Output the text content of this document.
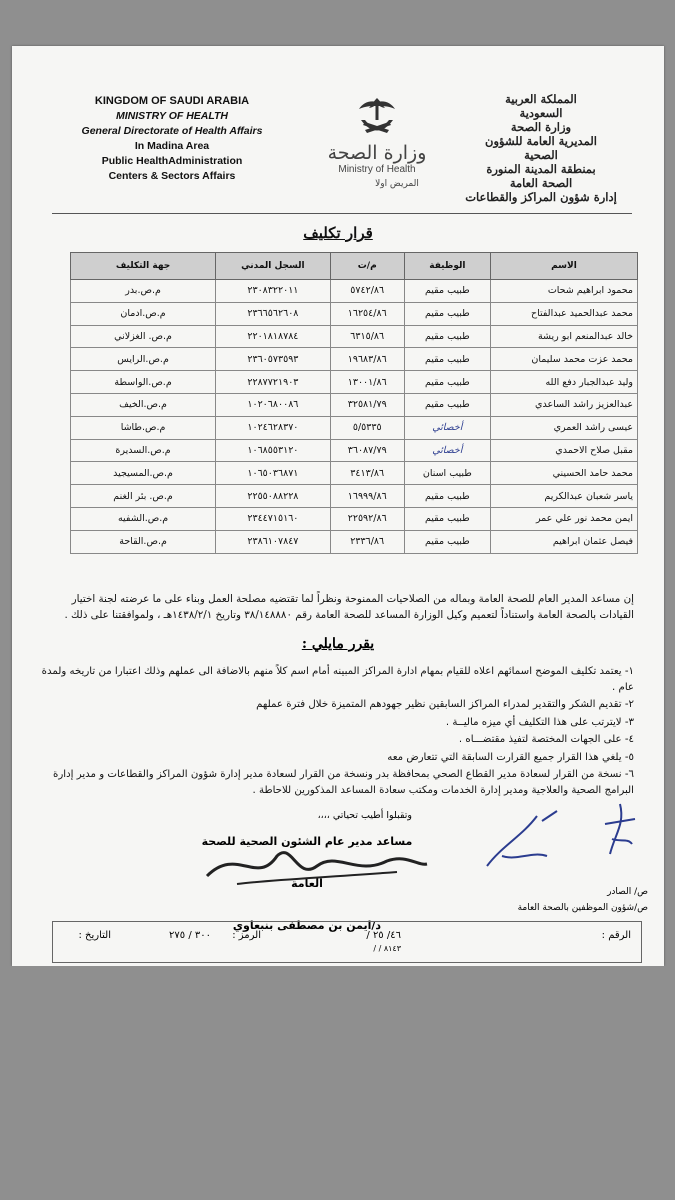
KINGDOM OF SAUDI ARABIA
MINISTRY OF HEALTH
General Directorate of Health Affairs
In Madina Area
Public HealthAdministration
Centers & Sectors Affairs
وزارة الصحة
Ministry of Health
المريض اولا
المملكة العربية
السعودية
وزارة الصحة
المديرية العامة للشؤون
الصحية
بمنطقة المدينة المنورة
الصحة العامة
إدارة شؤون المراكز والقطاعات
قرار تكليف
الاسم	الوظيفة	م/ت	السجل المدني	جهة التكليف
محمود ابراهيم شحات	طبيب مقيم	٥٧٤٢/٨٦	٢٣٠٨٣٢٢٠١١	م.ص.بدر
محمد عبدالحميد عبدالفتاح	طبيب مقيم	١٦٢٥٤/٨٦	٢٣٦٦٥٦٢٦٠٨	م.ص.ادمان
خالد عبدالمنعم ابو ريشة	طبيب مقيم	٦٣١٥/٨٦	٢٢٠١٨١٨٧٨٤	م.ص. الغزلاني
محمد عزت محمد سليمان	طبيب مقيم	١٩٦٨٣/٨٦	٢٣٦٠٥٧٣٥٩٣	م.ص.الرايس
وليد عبدالجبار دفع الله	طبيب مقيم	١٣٠٠١/٨٦	٢٢٨٧٧٢١٩٠٣	م.ص.الواسطة
عبدالعزيز راشد الساعدي	طبيب مقيم	٣٢٥٨١/٧٩	١٠٢٠٦٨٠٠٨٦	م.ص.الخيف
عيسى راشد العمري	أخصائي	٥/٥٣٣٥	١٠٢٤٦٢٨٣٧٠	م.ص.طاشا
مقبل صلاح الاحمدي	أخصائي	٣٦٠٨٧/٧٩	١٠٦٨٥٥٣١٢٠	م.ص.السديرة
محمد حامد الحسيني	طبيب اسنان	٣٤١٣/٨٦	١٠٦٥٠٣٦٨٧١	م.ص.المسيجيد
ياسر شعبان عبدالكريم	طبيب مقيم	١٦٩٩٩/٨٦	٢٢٥٥٠٨٨٢٢٨	م.ص. بئر الغنم
ايمن محمد نور علي عمر	طبيب مقيم	٢٢٥٩٢/٨٦	٢٣٤٤٧١٥١٦٠	م.ص.الشفيه
فيصل عثمان ابراهيم	طبيب مقيم	٢٣٣٦/٨٦	٢٣٨٦١٠٧٨٤٧	م.ص.القاحة
إن مساعد المدير العام للصحة العامة وبماله من الصلاحيات الممنوحة ونظراً لما تقتضيه مصلحة العمل وبناء على ما عرضته لجنة اختيار القيادات بالصحة العامة واستناداً لتعميم وكيل الوزارة المساعد للصحة العامة رقم ٣٨/١٤٨٨٨٠ وتاريخ ١٤٣٨/٢/١هـ ، ولموافقتنا على ذلك .
يقرر مايلي :
١- يعتمد تكليف الموضح اسمائهم اعلاه للقيام بمهام ادارة المراكز المبينه أمام اسم كلاً منهم بالاضافة الى عملهم وذلك اعتبارا من تاريخه ولمدة عام .
٢- تقديم الشكر والتقدير لمدراء المراكز السابقين نظير جهودهم المتميزة خلال فترة عملهم
٣- لايترتب على هذا التكليف أي ميزه ماليــة .
٤- على الجهات المختصة لتفيذ مقتضـــاه .
٥- يلغي هذا القرار جميع القرارت السابقة التي تتعارض معه
٦- نسخة من القرار لسعادة مدير القطاع الصحي بمحافظة بدر ونسخة من القرار لسعادة مدير إدارة شؤون المراكز والقطاعات و مدير إدارة البرامج الصحية والعلاجية ومدير إدارة الخدمات ومكتب سعادة المساعد المذكورين للاحاطة .
وتقبلوا أطيب تحياتي ،،،،
مساعد مدير عام الشئون الصحية للصحة العامة
د/ايمن بن مصطفى بنبعاوي
ص/ الصادر
ص/شؤون الموظفين بالصحة العامة
الرقم :
٤٦/ ٢٥ /
٨١٤٣ / /
الرمز :
٣٠٠ / ٢٧٥
التاريخ :
